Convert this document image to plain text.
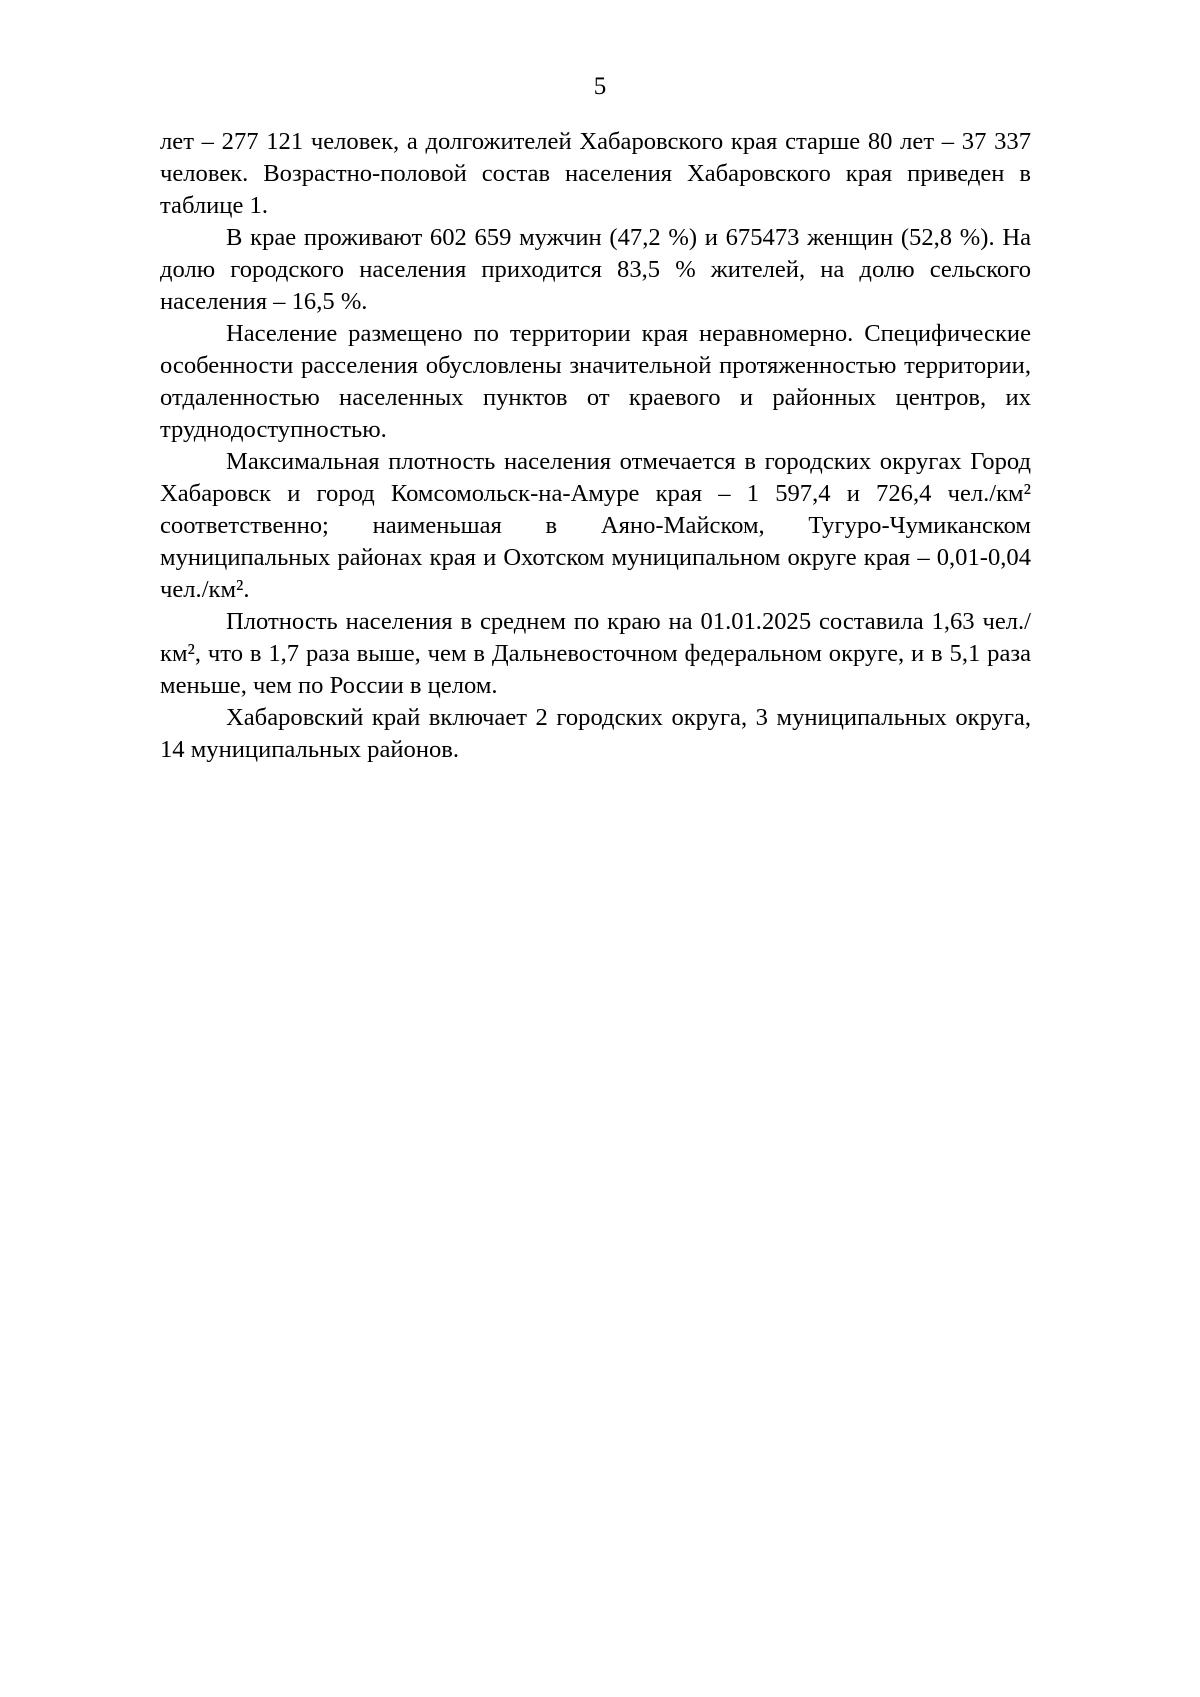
5

лет – 277 121 человек, а долгожителей Хабаровского края старше 80 лет – 37 337 человек. Возрастно-половой состав населения Хабаровского края приведен в таблице 1.

В крае проживают 602 659 мужчин (47,2 %) и 675473 женщин (52,8 %). На долю городского населения приходится 83,5 % жителей, на долю сельского населения – 16,5 %.

Население размещено по территории края неравномерно. Специфические особенности расселения обусловлены значительной протяженностью территории, отдаленностью населенных пунктов от краевого и районных центров, их труднодоступностью.

Максимальная плотность населения отмечается в городских округах Город Хабаровск и город Комсомольск-на-Амуре края – 1 597,4 и 726,4 чел./км² соответственно; наименьшая в Аяно-Майском, Тугуро-Чумиканском муниципальных районах края и Охотском муниципальном округе края – 0,01-0,04 чел./км².

Плотность населения в среднем по краю на 01.01.2025 составила 1,63 чел./км², что в 1,7 раза выше, чем в Дальневосточном федеральном округе, и в 5,1 раза меньше, чем по России в целом.

Хабаровский край включает 2 городских округа, 3 муниципальных округа, 14 муниципальных районов.
